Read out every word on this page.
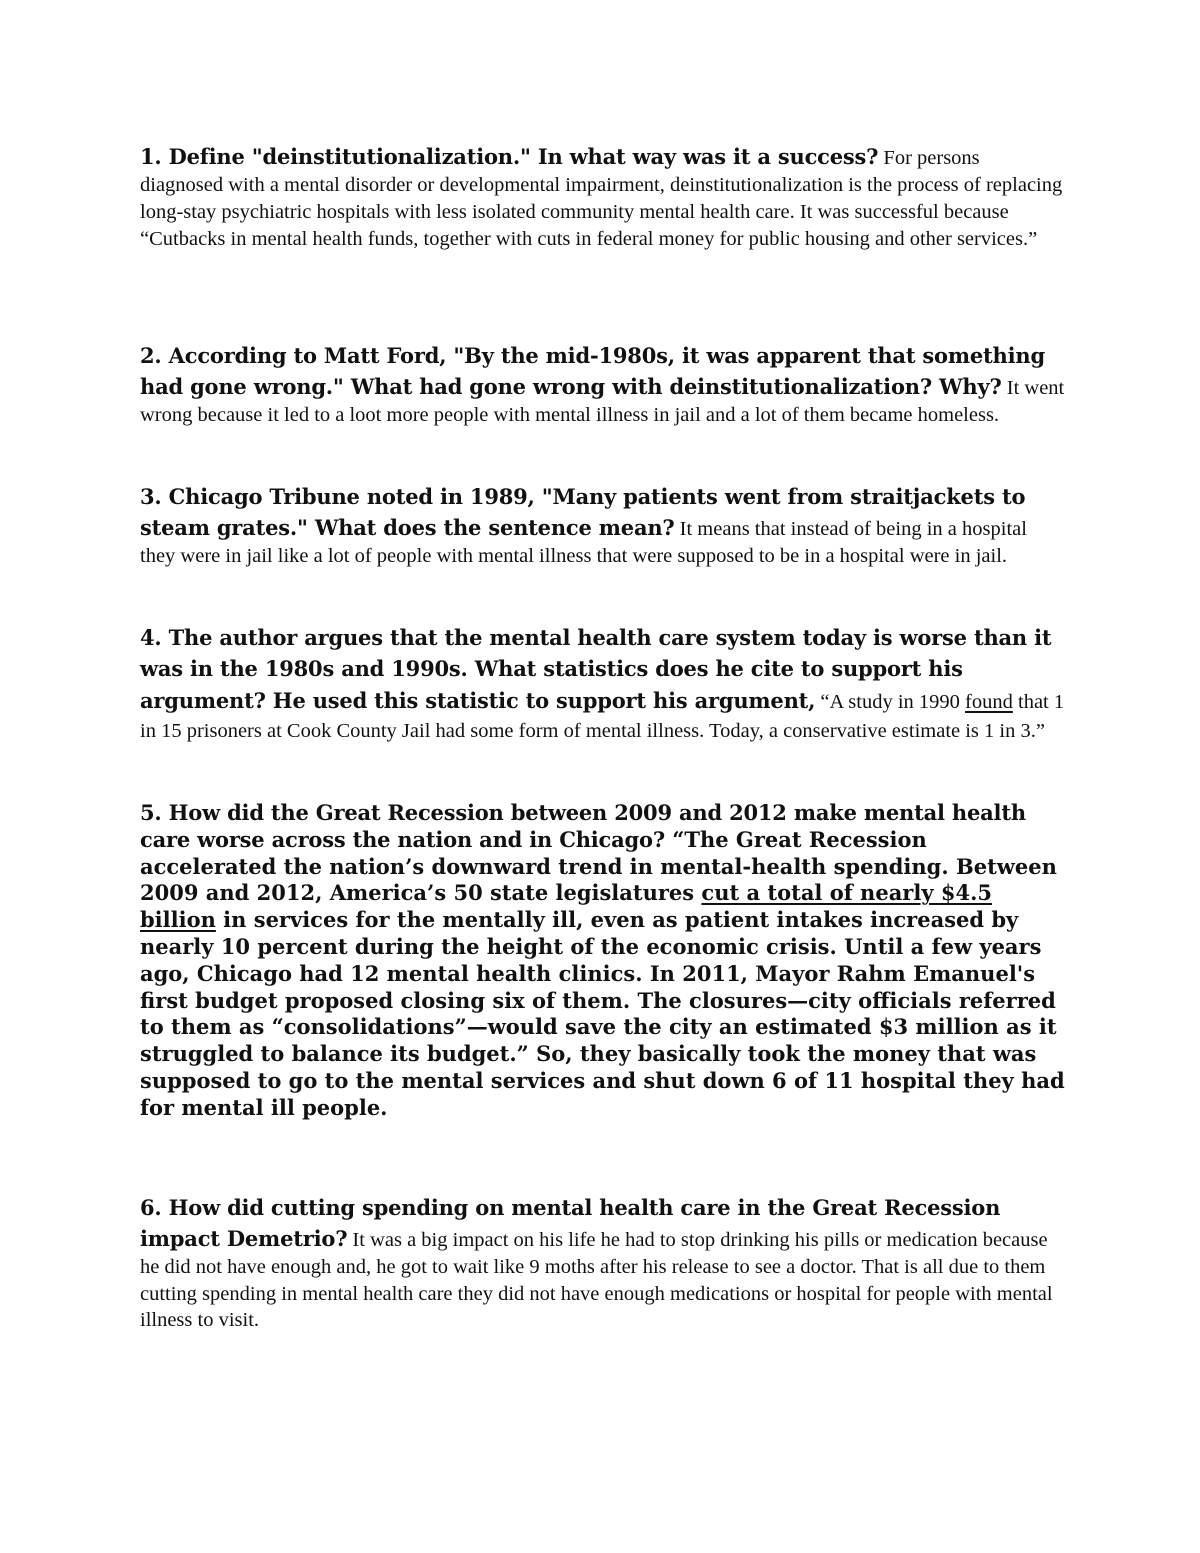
1. Define "deinstitutionalization." In what way was it a success? For persons diagnosed with a mental disorder or developmental impairment, deinstitutionalization is the process of replacing long-stay psychiatric hospitals with less isolated community mental health care. It was successful because “Cutbacks in mental health funds, together with cuts in federal money for public housing and other services.”

2. According to Matt Ford, "By the mid-1980s, it was apparent that something had gone wrong." What had gone wrong with deinstitutionalization? Why? It went wrong because it led to a loot more people with mental illness in jail and a lot of them became homeless.

3. Chicago Tribune noted in 1989, "Many patients went from straitjackets to steam grates." What does the sentence mean? It means that instead of being in a hospital they were in jail like a lot of people with mental illness that were supposed to be in a hospital were in jail.

4. The author argues that the mental health care system today is worse than it was in the 1980s and 1990s. What statistics does he cite to support his argument? He used this statistic to support his argument, “A study in 1990 found that 1 in 15 prisoners at Cook County Jail had some form of mental illness. Today, a conservative estimate is 1 in 3.”

5. How did the Great Recession between 2009 and 2012 make mental health care worse across the nation and in Chicago? “The Great Recession accelerated the nation’s downward trend in mental-health spending. Between 2009 and 2012, America’s 50 state legislatures cut a total of nearly $4.5 billion in services for the mentally ill, even as patient intakes increased by nearly 10 percent during the height of the economic crisis. Until a few years ago, Chicago had 12 mental health clinics. In 2011, Mayor Rahm Emanuel's first budget proposed closing six of them. The closures—city officials referred to them as “consolidations”—would save the city an estimated $3 million as it struggled to balance its budget.” So, they basically took the money that was supposed to go to the mental services and shut down 6 of 11 hospital they had for mental ill people.

6. How did cutting spending on mental health care in the Great Recession impact Demetrio? It was a big impact on his life he had to stop drinking his pills or medication because he did not have enough and, he got to wait like 9 moths after his release to see a doctor. That is all due to them cutting spending in mental health care they did not have enough medications or hospital for people with mental illness to visit.
